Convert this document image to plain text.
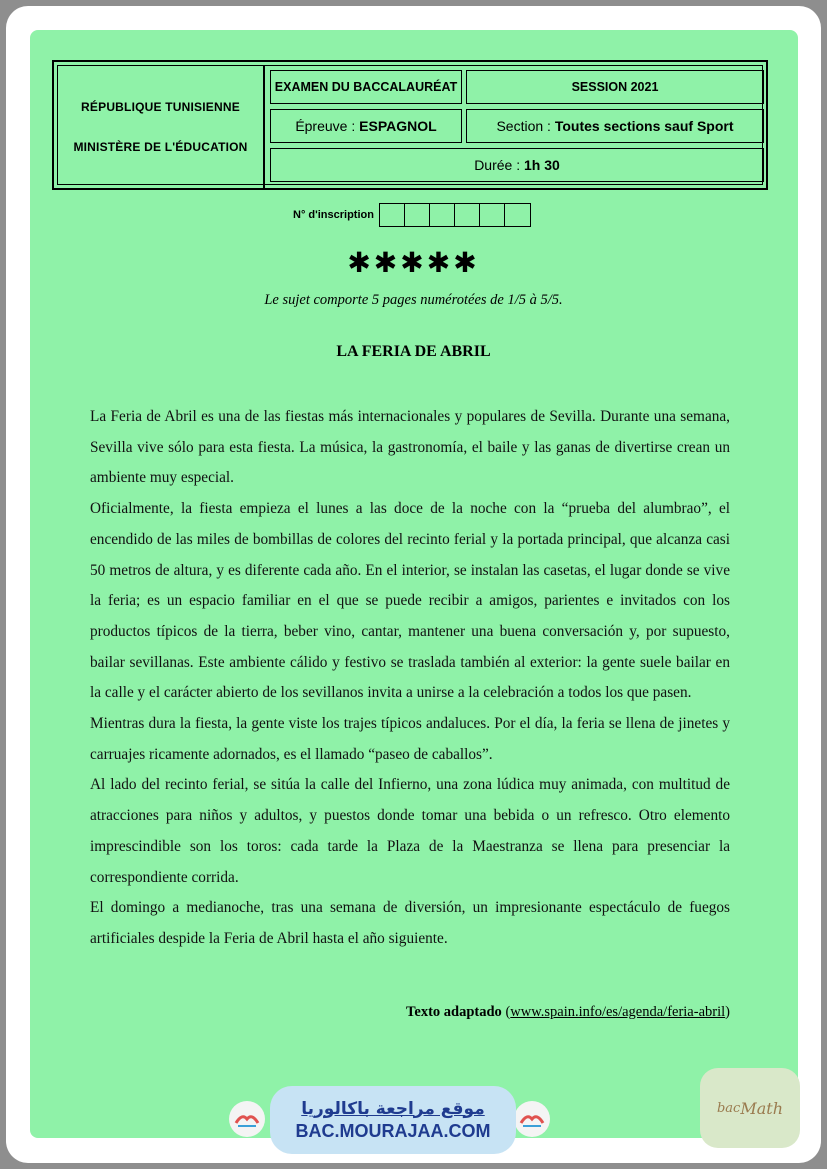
RÉPUBLIQUE TUNISIENNE
MINISTÈRE DE L'ÉDUCATION
EXAMEN DU BACCALAURÉAT	SESSION 2021
Épreuve : ESPAGNOL	Section : Toutes sections sauf Sport
Durée : 1h 30
N° d'inscription
✱✱✱✱✱
Le sujet comporte 5 pages numérotées de 1/5 à 5/5.
LA FERIA DE ABRIL

La Feria de Abril es una de las fiestas más internacionales y populares de Sevilla. Durante una semana, Sevilla vive sólo para esta fiesta. La música, la gastronomía, el baile y las ganas de divertirse crean un ambiente muy especial.

Oficialmente, la fiesta empieza el lunes a las doce de la noche con la “prueba del alumbrao”, el encendido de las miles de bombillas de colores del recinto ferial y la portada principal, que alcanza casi 50 metros de altura, y es diferente cada año. En el interior, se instalan las casetas, el lugar donde se vive la feria; es un espacio familiar en el que se puede recibir a amigos, parientes e invitados con los productos típicos de la tierra, beber vino, cantar, mantener una buena conversación y, por supuesto, bailar sevillanas. Este ambiente cálido y festivo se traslada también al exterior: la gente suele bailar en la calle y el carácter abierto de los sevillanos invita a unirse a la celebración a todos los que pasen.

Mientras dura la fiesta, la gente viste los trajes típicos andaluces. Por el día, la feria se llena de jinetes y carruajes ricamente adornados, es el llamado “paseo de caballos”.

Al lado del recinto ferial, se sitúa la calle del Infierno, una zona lúdica muy animada, con multitud de atracciones para niños y adultos, y puestos donde tomar una bebida o un refresco. Otro elemento imprescindible son los toros: cada tarde la Plaza de la Maestranza se llena para presenciar la correspondiente corrida.

El domingo a medianoche, tras una semana de diversión, un impresionante espectáculo de fuegos artificiales despide la Feria de Abril hasta el año siguiente.

Texto adaptado (www.spain.info/es/agenda/feria-abril)
موقع مراجعة باكالوريا
BAC.MOURAJAA.COM
bac Math
